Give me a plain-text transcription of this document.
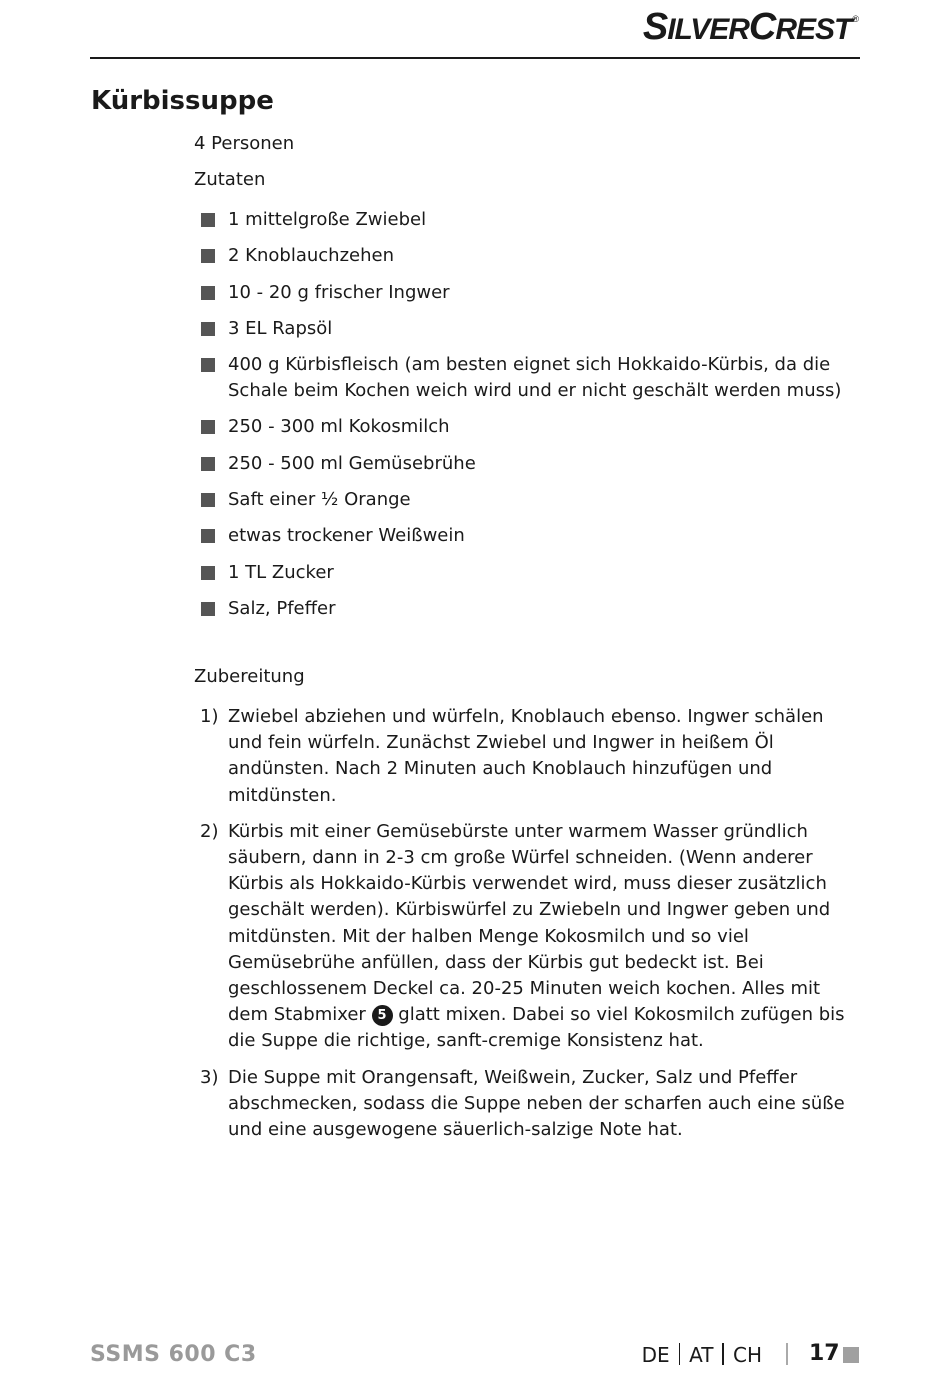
SILVERCREST®
Kürbissuppe
4 Personen
Zutaten
1 mittelgroße Zwiebel
2 Knoblauchzehen
10 - 20 g frischer Ingwer
3 EL Rapsöl
400 g Kürbisfleisch (am besten eignet sich Hokkaido-Kürbis, da die Schale beim Kochen weich wird und er nicht geschält werden muss)
250 - 300 ml Kokosmilch
250 - 500 ml Gemüsebrühe
Saft einer ½ Orange
etwas trockener Weißwein
1 TL Zucker
Salz, Pfeffer
Zubereitung
1) Zwiebel abziehen und würfeln, Knoblauch ebenso. Ingwer schälen und fein würfeln. Zunächst Zwiebel und Ingwer in heißem Öl andünsten. Nach 2 Minuten auch Knoblauch hinzufügen und mitdünsten.
2) Kürbis mit einer Gemüsebürste unter warmem Wasser gründlich säubern, dann in 2-3 cm große Würfel schneiden. (Wenn anderer Kürbis als Hokkaido-Kürbis verwendet wird, muss dieser zusätzlich geschält werden). Kürbiswürfel zu Zwiebeln und Ingwer geben und mitdünsten. Mit der halben Menge Kokosmilch und so viel Gemüsebrühe anfüllen, dass der Kürbis gut bedeckt ist. Bei geschlossenem Deckel ca. 20-25 Minuten weich kochen. Alles mit dem Stabmixer 5 glatt mixen. Dabei so viel Kokosmilch zufügen bis die Suppe die richtige, sanft-cremige Konsistenz hat.
3) Die Suppe mit Orangensaft, Weißwein, Zucker, Salz und Pfeffer abschmecken, sodass die Suppe neben der scharfen auch eine süße und eine ausgewogene säuerlich-salzige Note hat.
SSMS 600 C3	DE AT CH 17
